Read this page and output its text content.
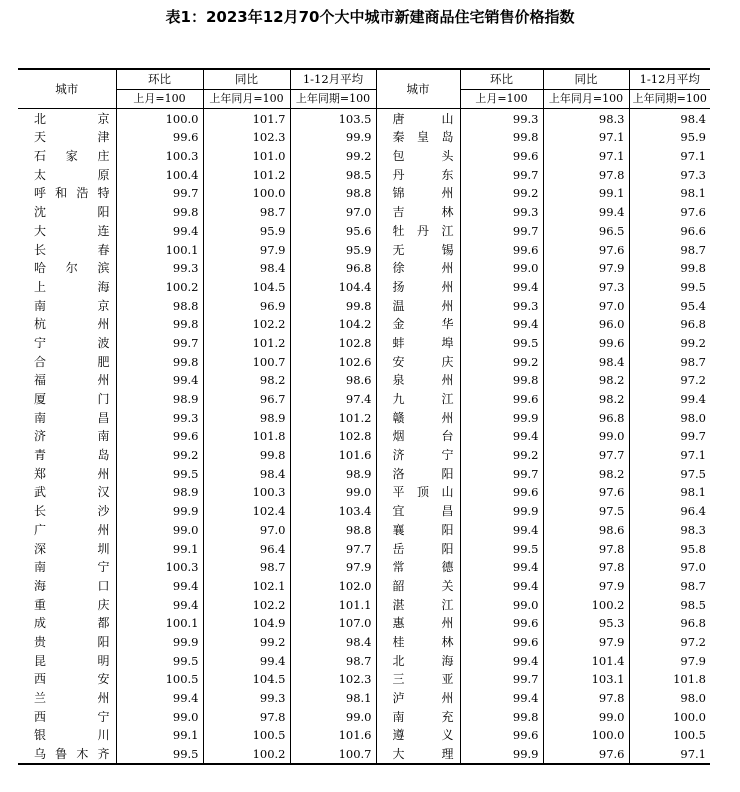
表1：2023年12月70个大中城市新建商品住宅销售价格指数
城市	环比	同比	1-12月平均	城市	环比	同比	1-12月平均
	上月=100	上年同月=100	上年同期=100		上月=100	上年同月=100	上年同期=100
北京	100.0	101.7	103.5	唐山	99.3	98.3	98.4
天津	99.6	102.3	99.9	秦皇岛	99.8	97.1	95.9
石家庄	100.3	101.0	99.2	包头	99.6	97.1	97.1
太原	100.4	101.2	98.5	丹东	99.7	97.8	97.3
呼和浩特	99.7	100.0	98.8	锦州	99.2	99.1	98.1
沈阳	99.8	98.7	97.0	吉林	99.3	99.4	97.6
大连	99.4	95.9	95.6	牡丹江	99.7	96.5	96.6
长春	100.1	97.9	95.9	无锡	99.6	97.6	98.7
哈尔滨	99.3	98.4	96.8	徐州	99.0	97.9	99.8
上海	100.2	104.5	104.4	扬州	99.4	97.3	99.5
南京	98.8	96.9	99.8	温州	99.3	97.0	95.4
杭州	99.8	102.2	104.2	金华	99.4	96.0	96.8
宁波	99.7	101.2	102.8	蚌埠	99.5	99.6	99.2
合肥	99.8	100.7	102.6	安庆	99.2	98.4	98.7
福州	99.4	98.2	98.6	泉州	99.8	98.2	97.2
厦门	98.9	96.7	97.4	九江	99.6	98.2	99.4
南昌	99.3	98.9	101.2	赣州	99.9	96.8	98.0
济南	99.6	101.8	102.8	烟台	99.4	99.0	99.7
青岛	99.2	99.8	101.6	济宁	99.2	97.7	97.1
郑州	99.5	98.4	98.9	洛阳	99.7	98.2	97.5
武汉	98.9	100.3	99.0	平顶山	99.6	97.6	98.1
长沙	99.9	102.4	103.4	宜昌	99.9	97.5	96.4
广州	99.0	97.0	98.8	襄阳	99.4	98.6	98.3
深圳	99.1	96.4	97.7	岳阳	99.5	97.8	95.8
南宁	100.3	98.7	97.9	常德	99.4	97.8	97.0
海口	99.4	102.1	102.0	韶关	99.4	97.9	98.7
重庆	99.4	102.2	101.1	湛江	99.0	100.2	98.5
成都	100.1	104.9	107.0	惠州	99.6	95.3	96.8
贵阳	99.9	99.2	98.4	桂林	99.6	97.9	97.2
昆明	99.5	99.4	98.7	北海	99.4	101.4	97.9
西安	100.5	104.5	102.3	三亚	99.7	103.1	101.8
兰州	99.4	99.3	98.1	泸州	99.4	97.8	98.0
西宁	99.0	97.8	99.0	南充	99.8	99.0	100.0
银川	99.1	100.5	101.6	遵义	99.6	100.0	100.5
乌鲁木齐	99.5	100.2	100.7	大理	99.9	97.6	97.1
